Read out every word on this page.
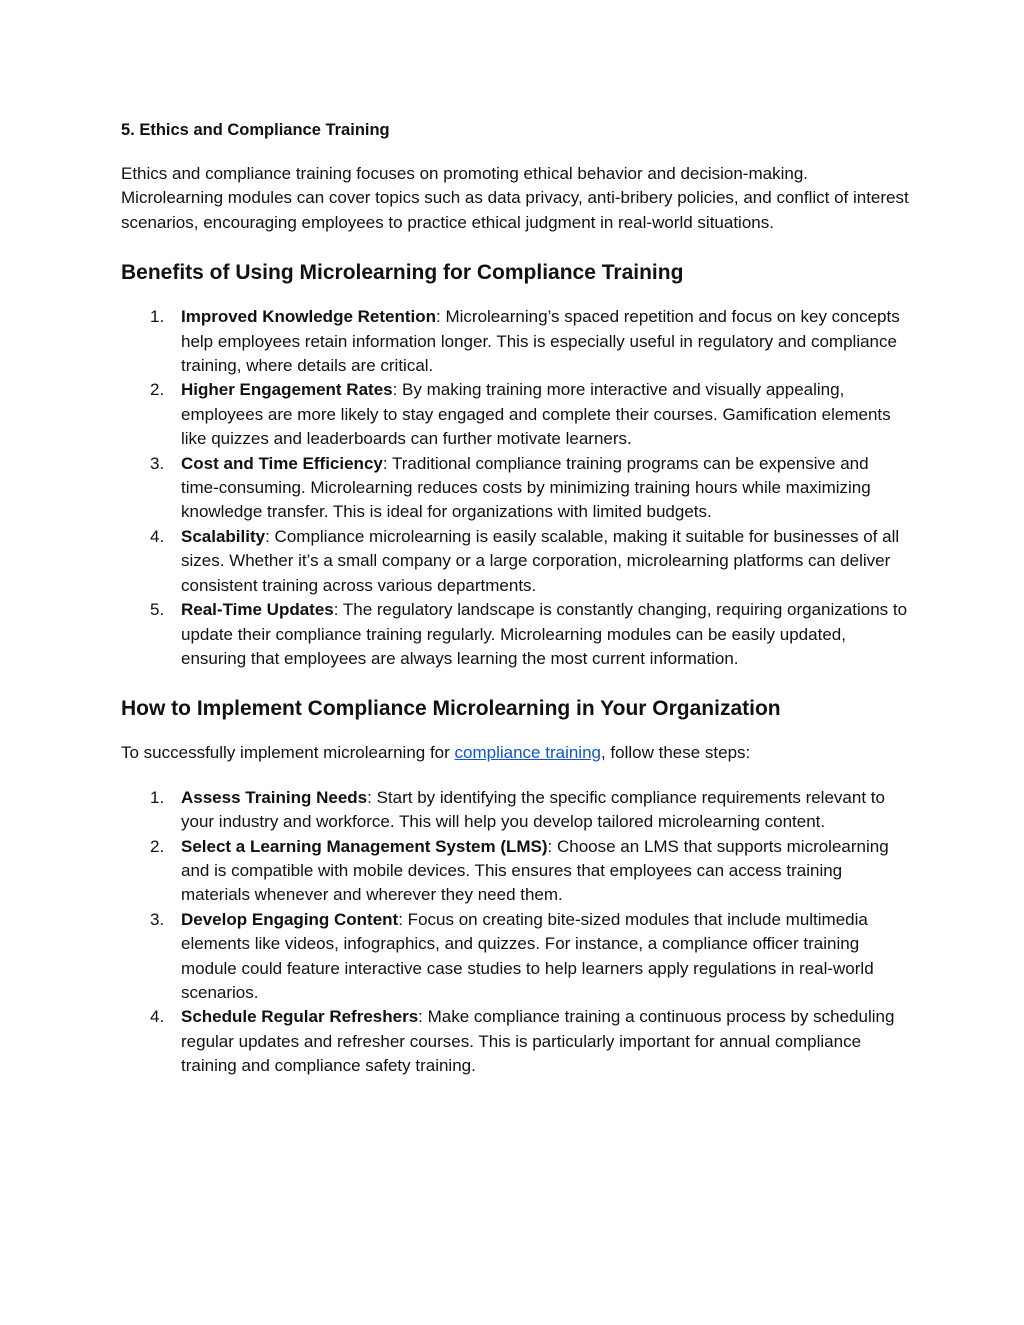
5. Ethics and Compliance Training

Ethics and compliance training focuses on promoting ethical behavior and decision-making. Microlearning modules can cover topics such as data privacy, anti-bribery policies, and conflict of interest scenarios, encouraging employees to practice ethical judgment in real-world situations.

Benefits of Using Microlearning for Compliance Training
1. Improved Knowledge Retention: Microlearning’s spaced repetition and focus on key concepts help employees retain information longer. This is especially useful in regulatory and compliance training, where details are critical.
2. Higher Engagement Rates: By making training more interactive and visually appealing, employees are more likely to stay engaged and complete their courses. Gamification elements like quizzes and leaderboards can further motivate learners.
3. Cost and Time Efficiency: Traditional compliance training programs can be expensive and time-consuming. Microlearning reduces costs by minimizing training hours while maximizing knowledge transfer. This is ideal for organizations with limited budgets.
4. Scalability: Compliance microlearning is easily scalable, making it suitable for businesses of all sizes. Whether it’s a small company or a large corporation, microlearning platforms can deliver consistent training across various departments.
5. Real-Time Updates: The regulatory landscape is constantly changing, requiring organizations to update their compliance training regularly. Microlearning modules can be easily updated, ensuring that employees are always learning the most current information.
How to Implement Compliance Microlearning in Your Organization

To successfully implement microlearning for compliance training, follow these steps:

1. Assess Training Needs: Start by identifying the specific compliance requirements relevant to your industry and workforce. This will help you develop tailored microlearning content.
2. Select a Learning Management System (LMS): Choose an LMS that supports microlearning and is compatible with mobile devices. This ensures that employees can access training materials whenever and wherever they need them.
3. Develop Engaging Content: Focus on creating bite-sized modules that include multimedia elements like videos, infographics, and quizzes. For instance, a compliance officer training module could feature interactive case studies to help learners apply regulations in real-world scenarios.
4. Schedule Regular Refreshers: Make compliance training a continuous process by scheduling regular updates and refresher courses. This is particularly important for annual compliance training and compliance safety training.
